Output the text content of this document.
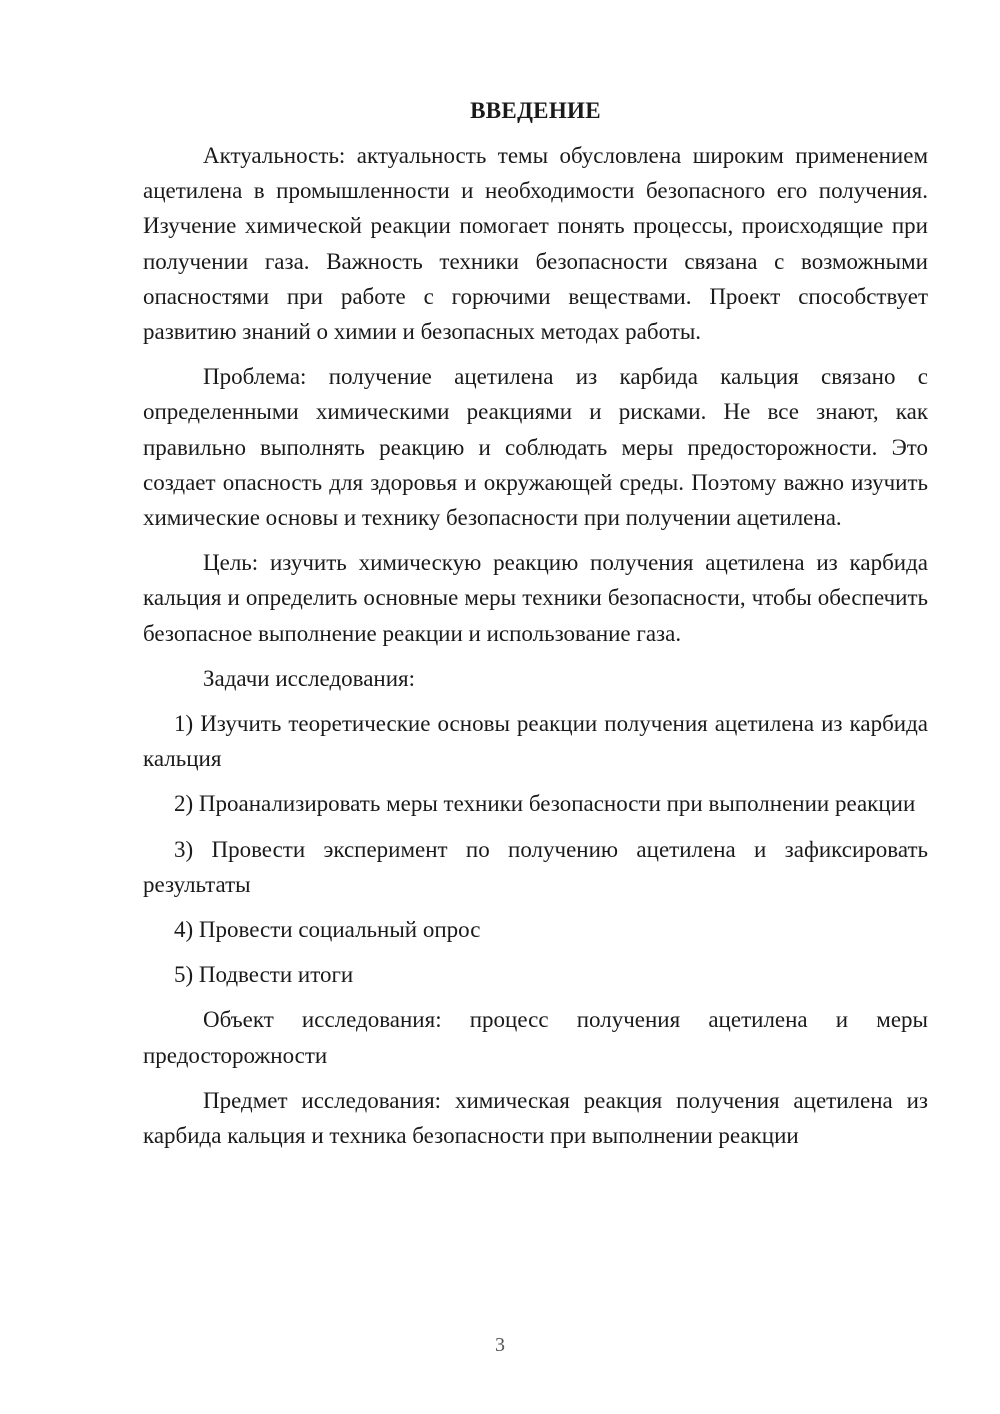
ВВЕДЕНИЕ

Актуальность: актуальность темы обусловлена широким применением ацетилена в промышленности и необходимости безопасного его получения. Изучение химической реакции помогает понять процессы, происходящие при получении газа. Важность техники безопасности связана с возможными опасностями при работе с горючими веществами. Проект способствует развитию знаний о химии и безопасных методах работы.

Проблема: получение ацетилена из карбида кальция связано с определенными химическими реакциями и рисками. Не все знают, как правильно выполнять реакцию и соблюдать меры предосторожности. Это создает опасность для здоровья и окружающей среды. Поэтому важно изучить химические основы и технику безопасности при получении ацетилена.

Цель: изучить химическую реакцию получения ацетилена из карбида кальция и определить основные меры техники безопасности, чтобы обеспечить безопасное выполнение реакции и использование газа.

Задачи исследования:

1) Изучить теоретические основы реакции получения ацетилена из карбида кальция

2) Проанализировать меры техники безопасности при выполнении реакции

3) Провести эксперимент по получению ацетилена и зафиксировать результаты

4) Провести социальный опрос

5) Подвести итоги

Объект исследования: процесс получения ацетилена и меры предосторожности

Предмет исследования: химическая реакция получения ацетилена из карбида кальция и техника безопасности при выполнении реакции

3
